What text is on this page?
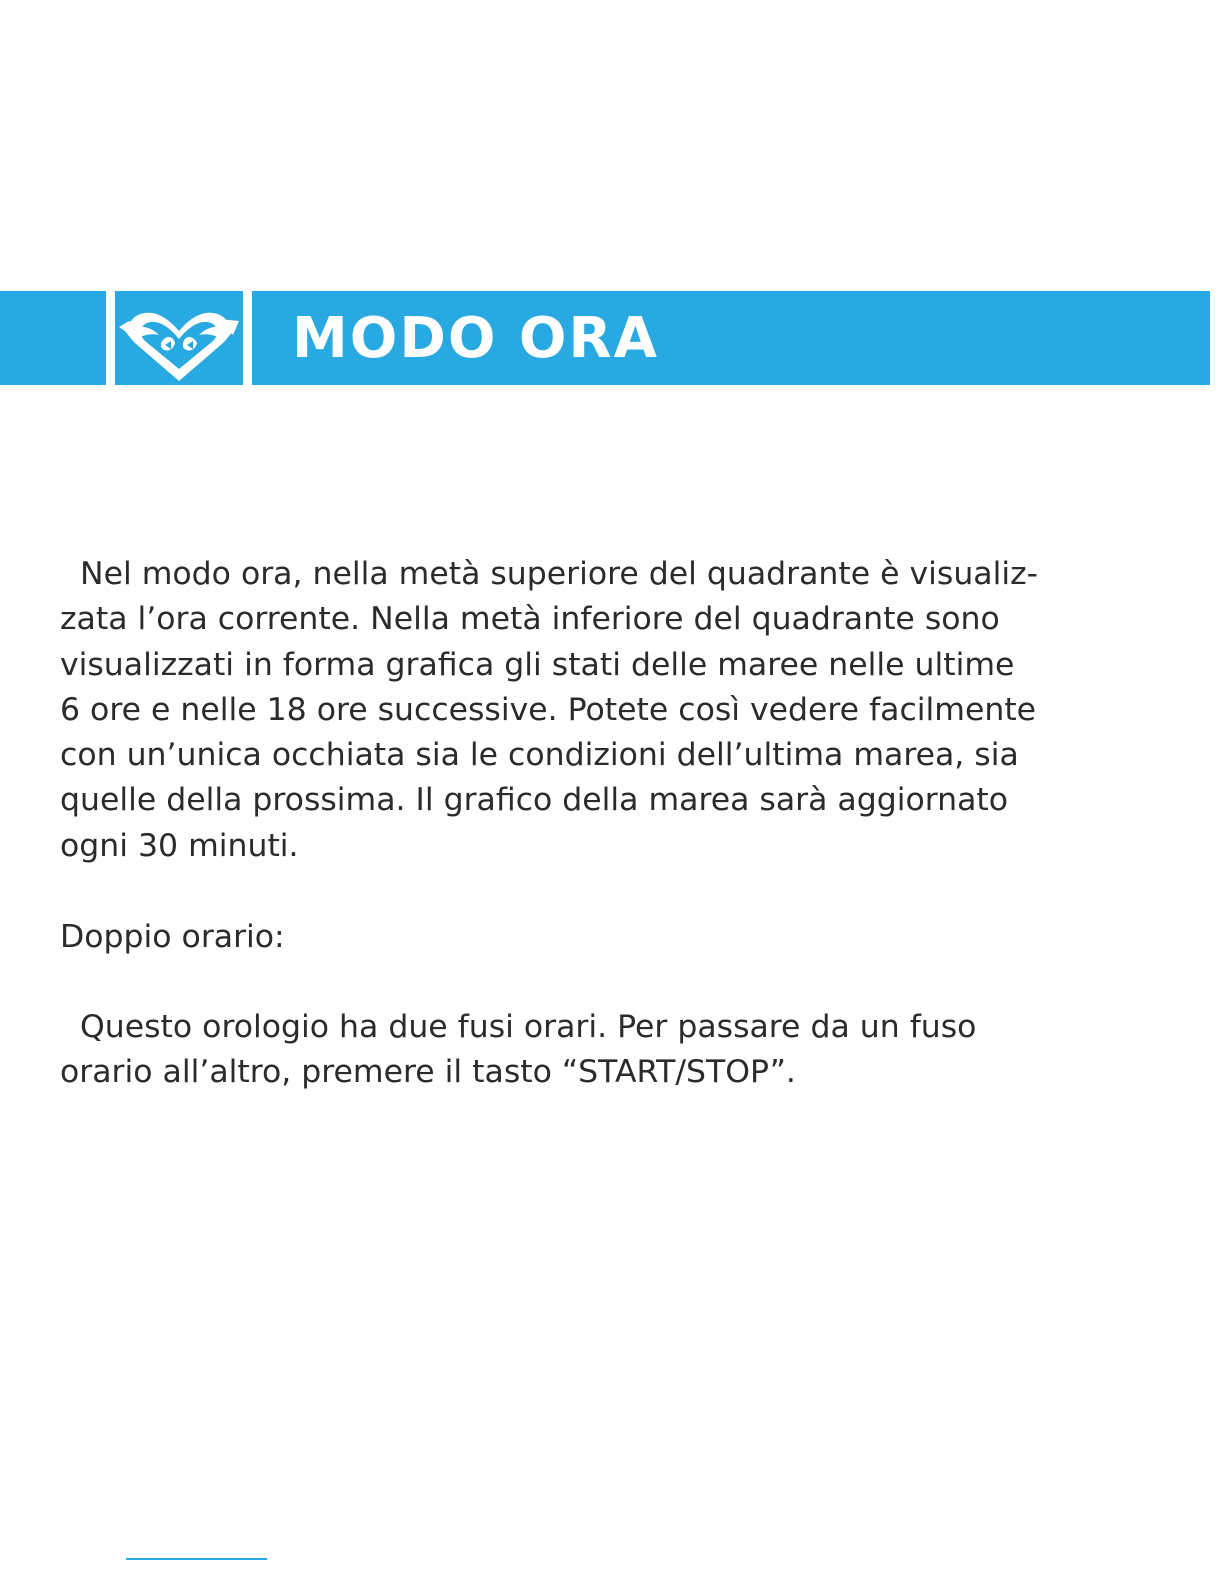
MODO ORA

Nel modo ora, nella metà superiore del quadrante è visualiz-
zata l’ora corrente. Nella metà inferiore del quadrante sono
visualizzati in forma grafica gli stati delle maree nelle ultime
6 ore e nelle 18 ore successive. Potete così vedere facilmente
con un’unica occhiata sia le condizioni dell’ultima marea, sia
quelle della prossima. Il grafico della marea sarà aggiornato
ogni 30 minuti.

Doppio orario:

Questo orologio ha due fusi orari. Per passare da un fuso
orario all’altro, premere il tasto “START/STOP”.
